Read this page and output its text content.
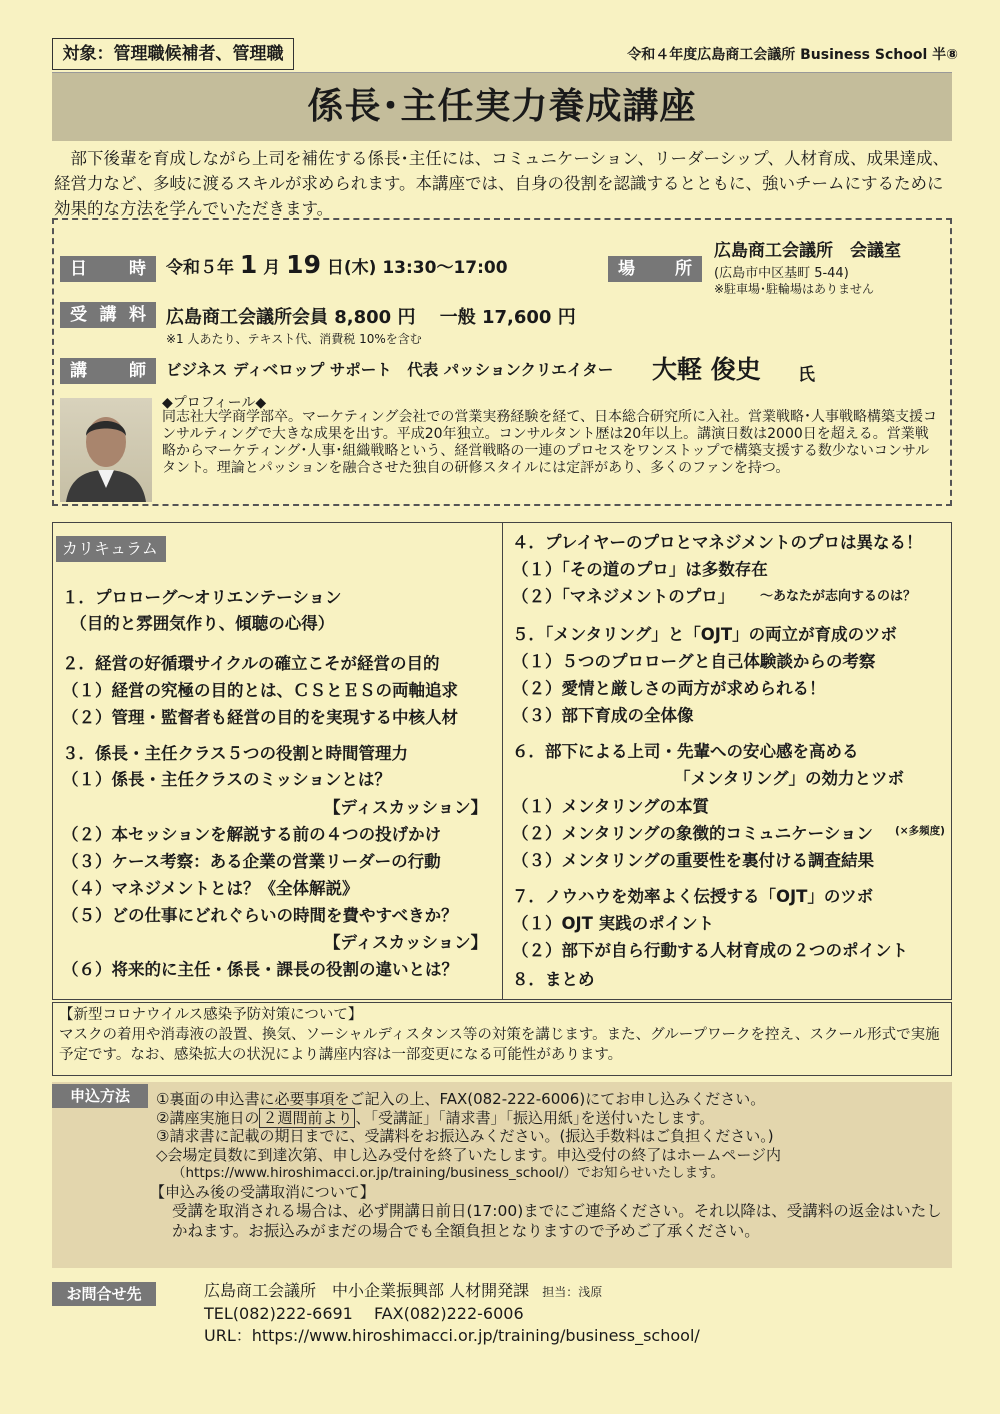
対象：管理職候補者、管理職	令和４年度広島商工会議所 Business School 半⑧
係長･主任実力養成講座
部下後輩を育成しながら上司を補佐する係長･主任には、コミュニケーション、リーダーシップ、人材育成、成果達成、経営力など、多岐に渡るスキルが求められます。本講座では、自身の役割を認識するとともに、強いチームにするために効果的な方法を学んでいただきます。
日時	令和５年 1 月 19 日(木) 13:30〜17:00	場所
広島商工会議所　会議室
(広島市中区基町 5-44)
※駐車場･駐輪場はありません
受講料	広島商工会議所会員 8,800 円　 一般 17,600 円
※1 人あたり、テキスト代、消費税 10%を含む
講師	ビジネス ディベロップ サポート　代表 パッションクリエイター 大軽 俊史 氏
◆プロフィール◆
同志社大学商学部卒。マーケティング会社での営業実務経験を経て、日本総合研究所に入社。営業戦略･人事戦略構築支援コンサルティングで大きな成果を出す。平成20年独立。コンサルタント歴は20年以上。講演日数は2000日を超える。営業戦略からマーケティング･人事･組織戦略という、経営戦略の一連のプロセスをワンストップで構築支援する数少ないコンサルタント。理論とパッションを融合させた独自の研修スタイルには定評があり、多くのファンを持つ。
カリキュラム
１．プロローグ〜オリエンテーション
　（目的と雰囲気作り、傾聴の心得）
２．経営の好循環サイクルの確立こそが経営の目的
（１）経営の究極の目的とは、ＣＳとＥＳの両軸追求
（２）管理・監督者も経営の目的を実現する中核人材
３．係長・主任クラス５つの役割と時間管理力
（１）係長・主任クラスのミッションとは？
【ディスカッション】
（２）本セッションを解説する前の４つの投げかけ
（３）ケース考察：ある企業の営業リーダーの行動
（４）マネジメントとは？《全体解説》
（５）どの仕事にどれぐらいの時間を費やすべきか？
【ディスカッション】
（６）将来的に主任・係長・課長の役割の違いとは？
４．プレイヤーのプロとマネジメントのプロは異なる！
（１）「その道のプロ」は多数存在
（２）「マネジメントのプロ」 〜あなたが志向するのは？
５．「メンタリング」と「OJT」の両立が育成のツボ
（１）５つのプロローグと自己体験談からの考察
（２）愛情と厳しさの両方が求められる！
（３）部下育成の全体像
６．部下による上司・先輩への安心感を高める
「メンタリング」の効力とツボ
（１）メンタリングの本質
（２）メンタリングの象徴的コミュニケーション (×多頻度)
（３）メンタリングの重要性を裏付ける調査結果
７．ノウハウを効率よく伝授する「OJT」のツボ
（１）OJT 実践のポイント
（２）部下が自ら行動する人材育成の２つのポイント
８．まとめ
【新型コロナウイルス感染予防対策について】
マスクの着用や消毒液の設置、換気、ソーシャルディスタンス等の対策を講じます。また、グループワークを控え、スクール形式で実施予定です。なお、感染拡大の状況により講座内容は一部変更になる可能性があります。
申込方法	①裏面の申込書に必要事項をご記入の上、FAX(082-222-6006)にてお申し込みください。
②講座実施日の ２週間前より 、｢受講証｣「請求書」｢振込用紙｣を送付いたします。
③請求書に記載の期日までに、受講料をお振込みください。(振込手数料はご負担ください。)
◇会場定員数に到達次第、申し込み受付を終了いたします。申込受付の終了はホームページ内
（https://www.hiroshimacci.or.jp/training/business_school/）でお知らせいたします。
【申込み後の受講取消について】
受講を取消される場合は、必ず開講日前日(17:00)までにご連絡ください。それ以降は、受講料の返金はいたしかねます。お振込みがまだの場合でも全額負担となりますので予めご了承ください。
お問合せ先	広島商工会議所　中小企業振興部 人材開発課 担当：浅原
TEL(082)222-6691　 FAX(082)222-6006
URL：https://www.hiroshimacci.or.jp/training/business_school/
